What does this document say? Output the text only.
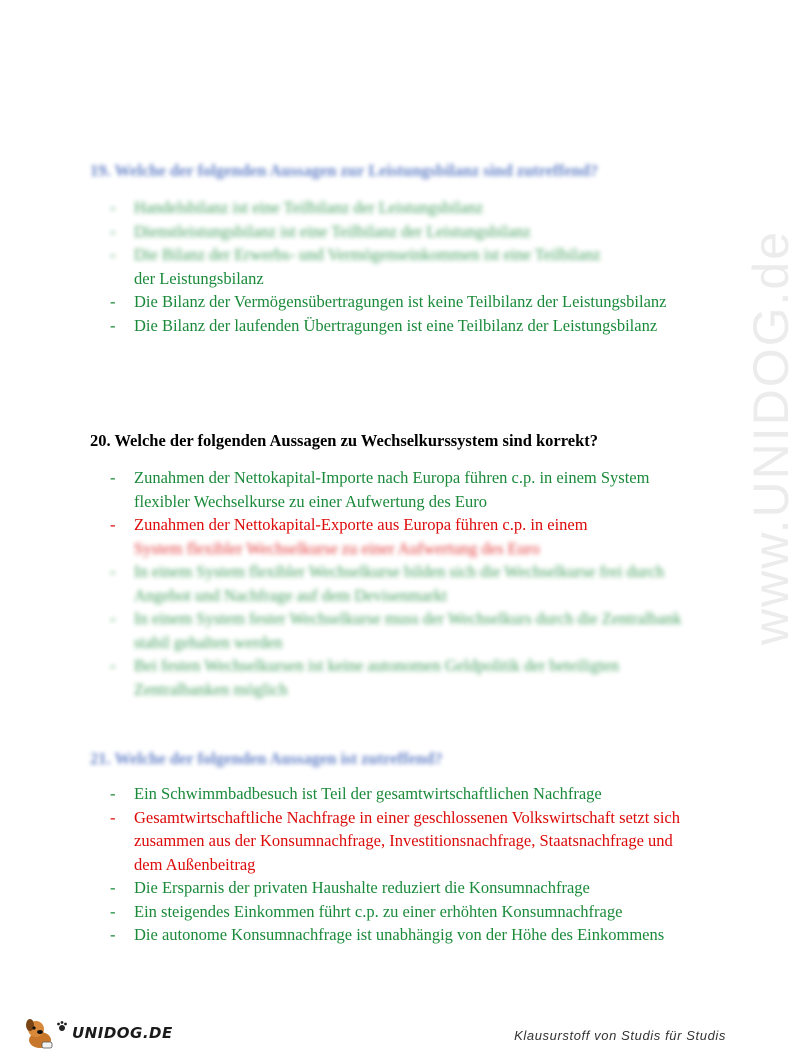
www.UNIDOG.de
19. Welche der folgenden Aussagen zur Leistungsbilanz sind zutreffend?
- Handelsbilanz ist eine Teilbilanz der Leistungsbilanz
- Dienstleistungsbilanz ist eine Teilbilanz der Leistungsbilanz
- Die Bilanz der Erwerbs- und Vermögenseinkommen ist eine Teilbilanz
der Leistungsbilanz
- Die Bilanz der Vermögensübertragungen ist keine Teilbilanz der Leistungsbilanz
- Die Bilanz der laufenden Übertragungen ist eine Teilbilanz der Leistungsbilanz
20. Welche der folgenden Aussagen zu Wechselkurssystem sind korrekt?
- Zunahmen der Nettokapital-Importe nach Europa führen c.p. in einem System flexibler Wechselkurse zu einer Aufwertung des Euro
- Zunahmen der Nettokapital-Exporte aus Europa führen c.p. in einem
System flexibler Wechselkurse zu einer Aufwertung des Euro
- In einem System flexibler Wechselkurse bilden sich die Wechselkurse frei durch Angebot und Nachfrage auf dem Devisenmarkt
- In einem System fester Wechselkurse muss der Wechselkurs durch die Zentralbank stabil gehalten werden
- Bei festen Wechselkursen ist keine autonomen Geldpolitik der beteiligten Zentralbanken möglich
21. Welche der folgenden Aussagen ist zutreffend?
- Ein Schwimmbadbesuch ist Teil der gesamtwirtschaftlichen Nachfrage
- Gesamtwirtschaftliche Nachfrage in einer geschlossenen Volkswirtschaft setzt sich zusammen aus der Konsumnachfrage, Investitionsnachfrage, Staatsnachfrage und dem Außenbeitrag
- Die Ersparnis der privaten Haushalte reduziert die Konsumnachfrage
- Ein steigendes Einkommen führt c.p. zu einer erhöhten Konsumnachfrage
- Die autonome Konsumnachfrage ist unabhängig von der Höhe des Einkommens
UNIDOG.DE	Klausurstoff von Studis für Studis
